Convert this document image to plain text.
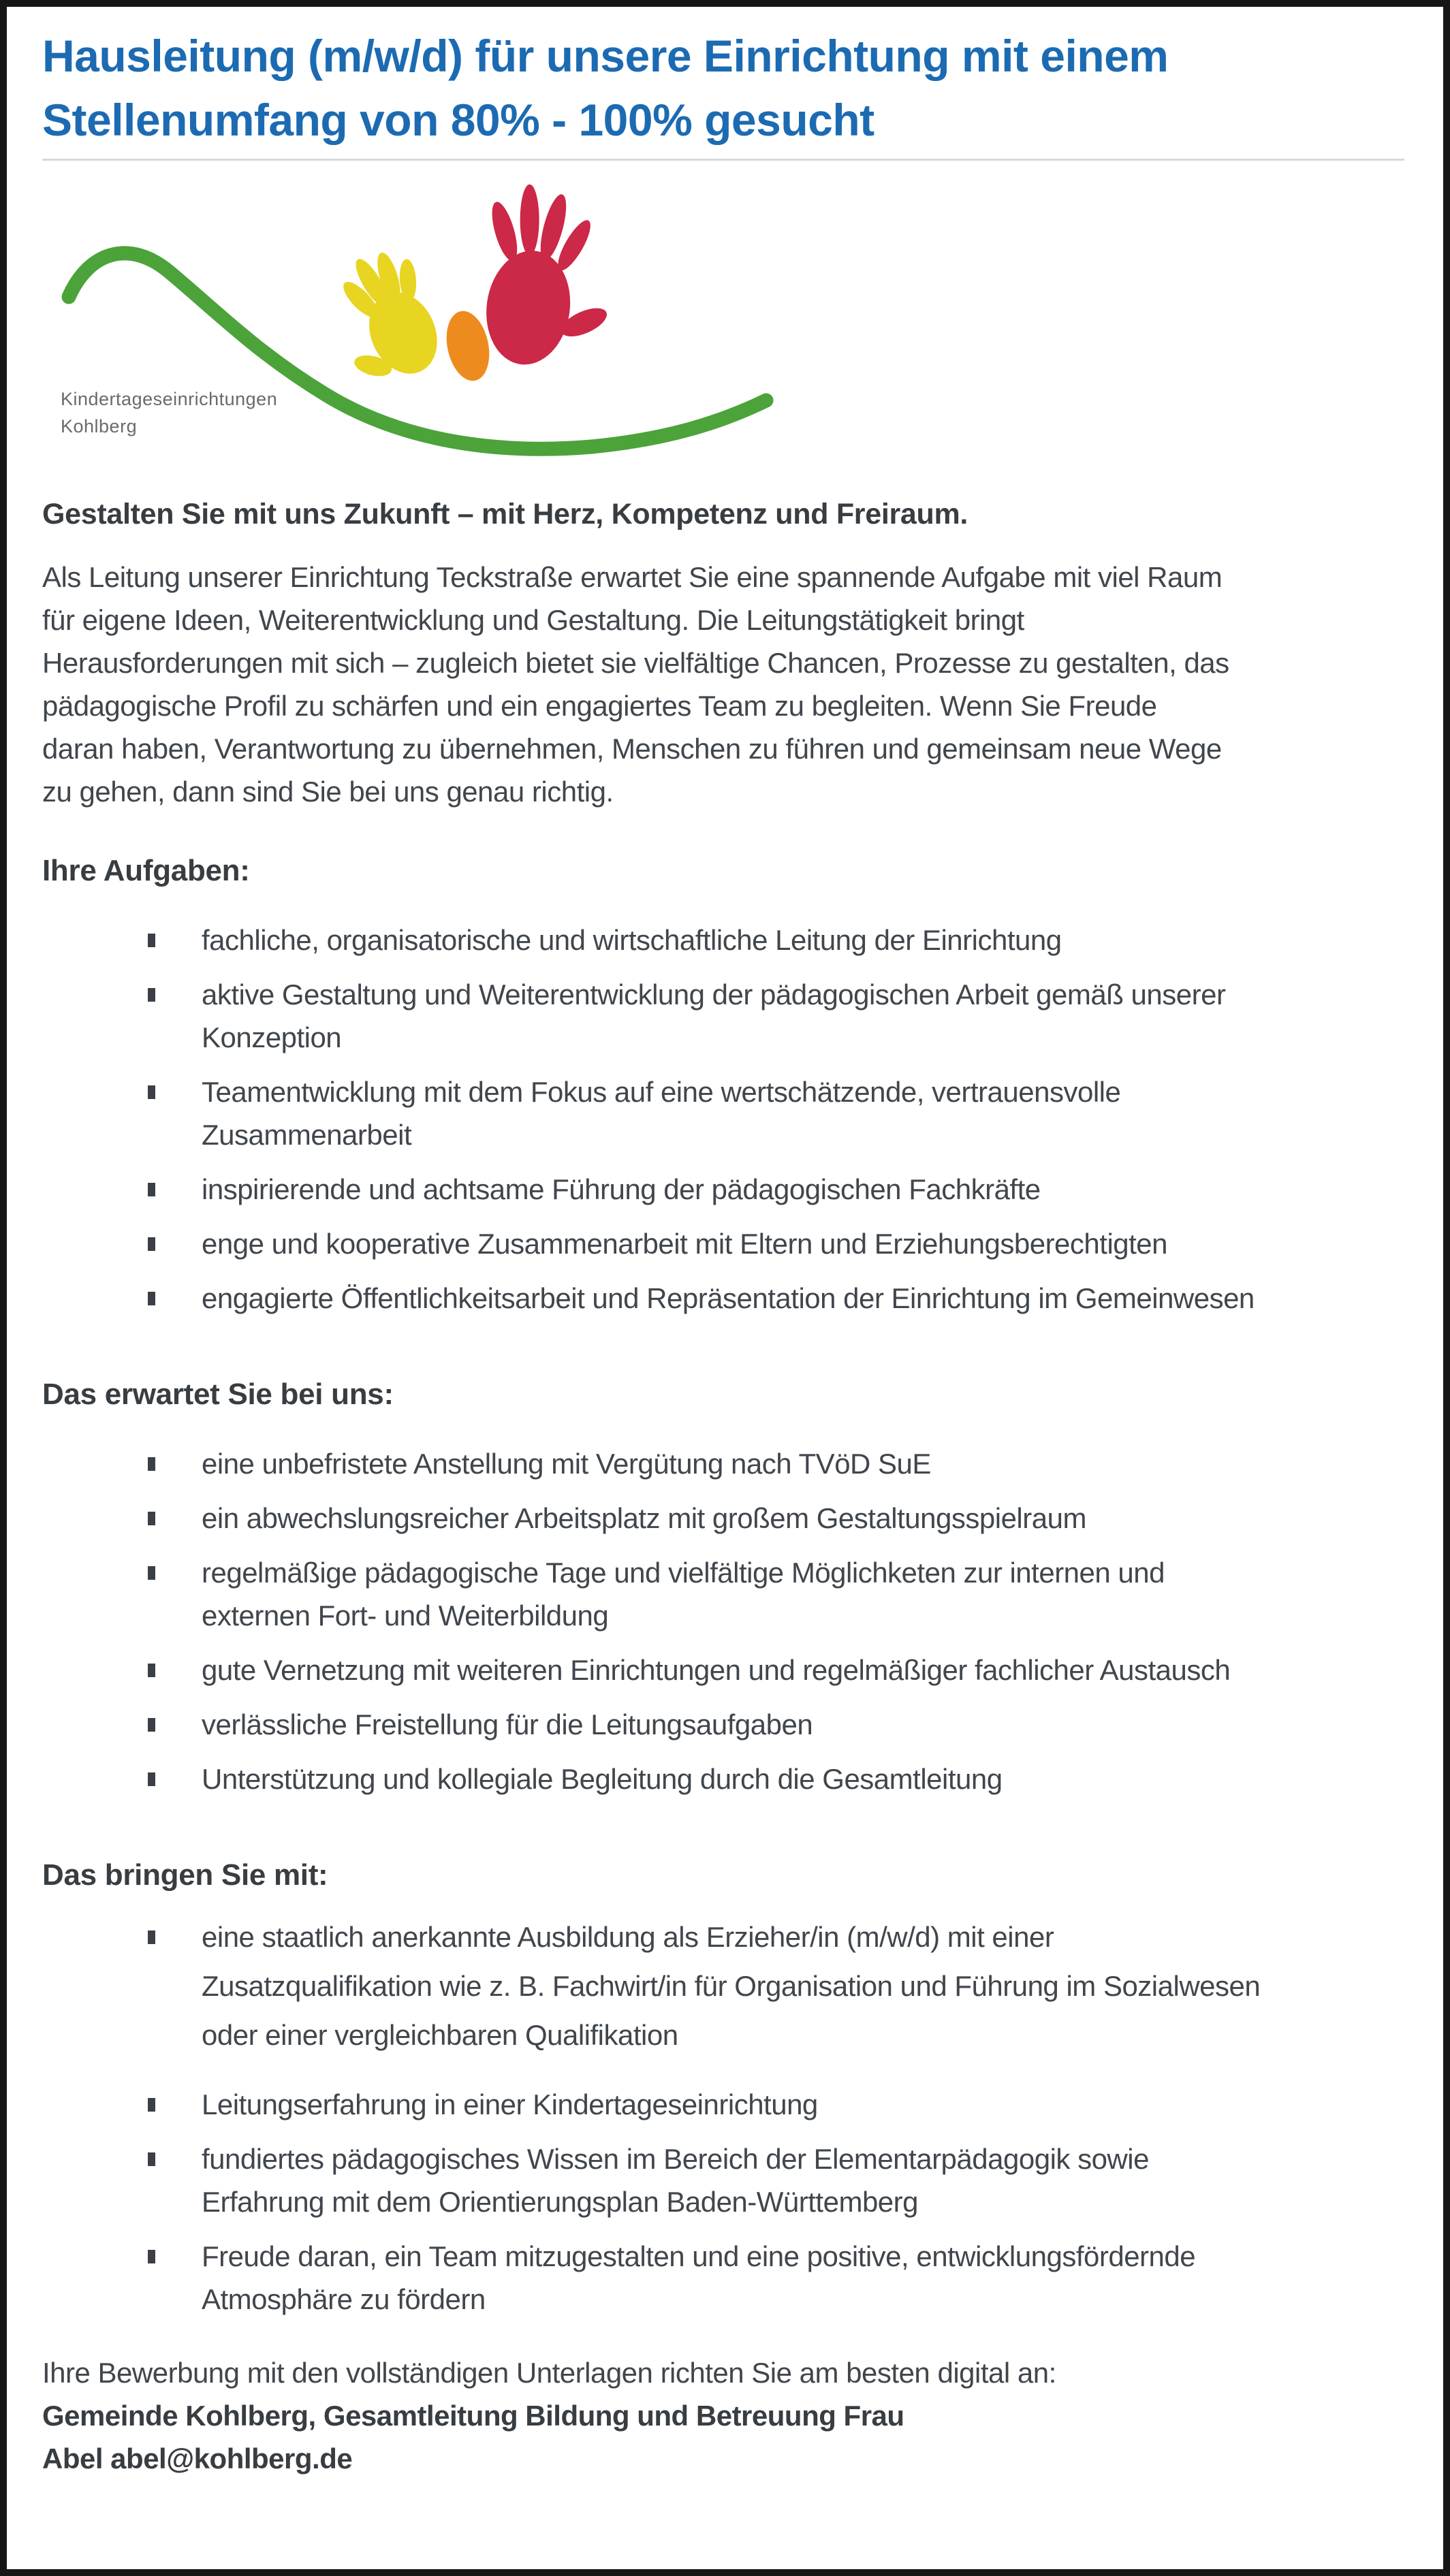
Hausleitung (m/w/d) für unsere Einrichtung mit einem Stellenumfang von 80% - 100% gesucht
Kindertageseinrichtungen
Kohlberg

Gestalten Sie mit uns Zukunft – mit Herz, Kompetenz und Freiraum.

Als Leitung unserer Einrichtung Teckstraße erwartet Sie eine spannende Aufgabe mit viel Raum für eigene Ideen, Weiterentwicklung und Gestaltung. Die Leitungstätigkeit bringt Herausforderungen mit sich – zugleich bietet sie vielfältige Chancen, Prozesse zu gestalten, das pädagogische Profil zu schärfen und ein engagiertes Team zu begleiten. Wenn Sie Freude daran haben, Verantwortung zu übernehmen, Menschen zu führen und gemeinsam neue Wege zu gehen, dann sind Sie bei uns genau richtig.

Ihre Aufgaben:
fachliche, organisatorische und wirtschaftliche Leitung der Einrichtung
aktive Gestaltung und Weiterentwicklung der pädagogischen Arbeit gemäß unserer Konzeption
Teamentwicklung mit dem Fokus auf eine wertschätzende, vertrauensvolle Zusammenarbeit
inspirierende und achtsame Führung der pädagogischen Fachkräfte
enge und kooperative Zusammenarbeit mit Eltern und Erziehungsberechtigten
engagierte Öffentlichkeitsarbeit und Repräsentation der Einrichtung im Gemeinwesen
Das erwartet Sie bei uns:
eine unbefristete Anstellung mit Vergütung nach TVöD SuE
ein abwechslungsreicher Arbeitsplatz mit großem Gestaltungsspielraum
regelmäßige pädagogische Tage und vielfältige Möglichketen zur internen und externen Fort- und Weiterbildung
gute Vernetzung mit weiteren Einrichtungen und regelmäßiger fachlicher Austausch
verlässliche Freistellung für die Leitungsaufgaben
Unterstützung und kollegiale Begleitung durch die Gesamtleitung
Das bringen Sie mit:
eine staatlich anerkannte Ausbildung als Erzieher/in (m/w/d) mit einer Zusatzqualifikation wie z. B. Fachwirt/in für Organisation und Führung im Sozialwesen oder einer vergleichbaren Qualifikation
Leitungserfahrung in einer Kindertageseinrichtung
fundiertes pädagogisches Wissen im Bereich der Elementarpädagogik sowie Erfahrung mit dem Orientierungsplan Baden-Württemberg
Freude daran, ein Team mitzugestalten und eine positive, entwicklungsfördernde Atmosphäre zu fördern

Ihre Bewerbung mit den vollständigen Unterlagen richten Sie am besten digital an:

Gemeinde Kohlberg, Gesamtleitung Bildung und Betreuung Frau

Abel abel@kohlberg.de
